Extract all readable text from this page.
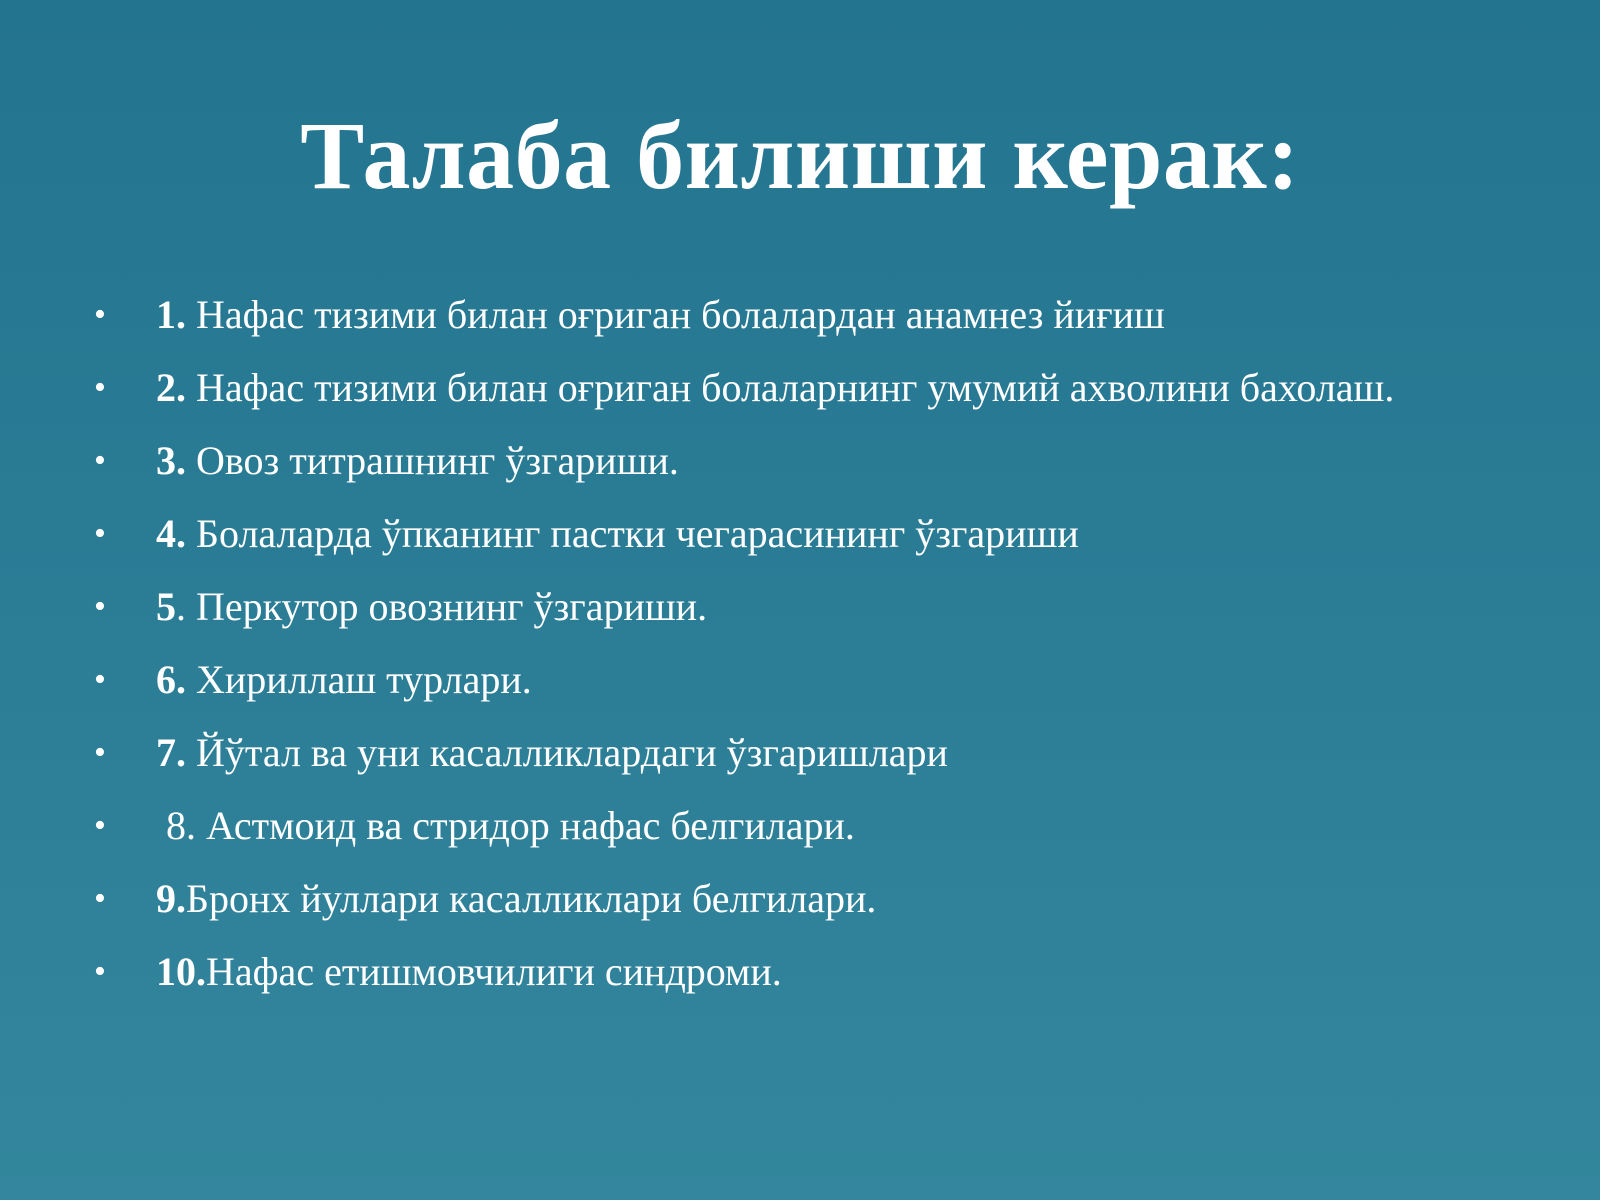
Талаба билиши керак:
• 1. Нафас тизими билан оғриган болалардан анамнез йиғиш
• 2. Нафас тизими билан оғриган болаларнинг умумий ахволини бахолаш.
• 3. Овоз титрашнинг ўзгариши.
• 4. Болаларда ўпканинг пастки чегарасининг ўзгариши
• 5. Перкутор овознинг ўзгариши.
• 6. Хириллаш турлари.
• 7. Йўтал ва уни касалликлардаги ўзгаришлари
• 8. Астмоид ва стридор нафас белгилари.
• 9.Бронх йуллари касалликлари белгилари.
• 10.Нафас етишмовчилиги синдроми.
